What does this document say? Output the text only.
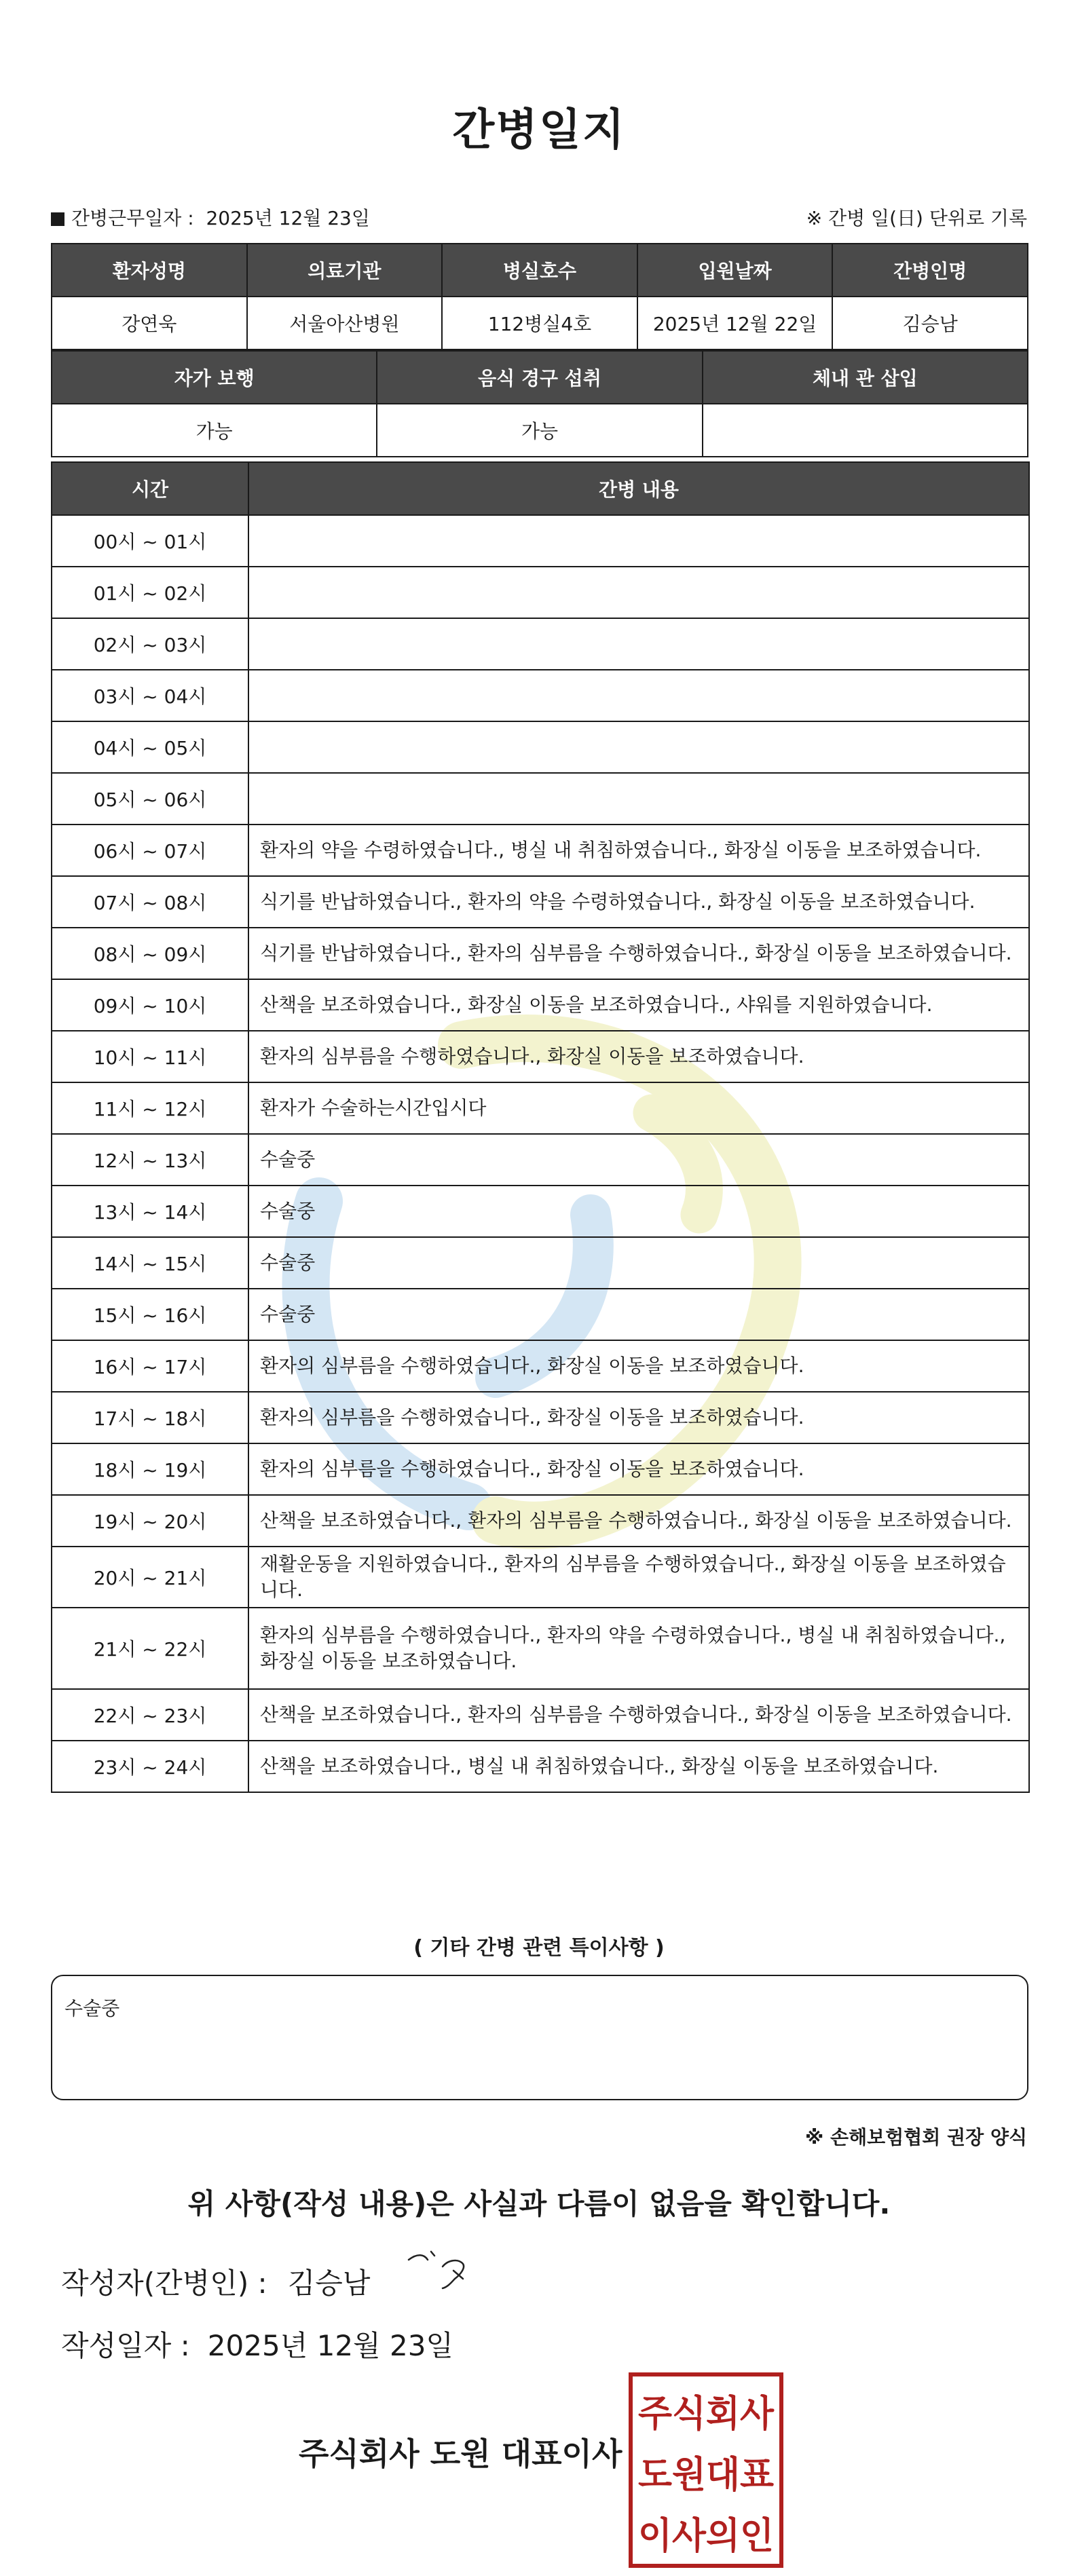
간병일지
간병근무일자 : 2025년 12월 23일	※ 간병 일(日) 단위로 기록
환자성명	의료기관	병실호수	입원날짜	간병인명
강연욱	서울아산병원	112병실4호	2025년 12월 22일	김승남
자가 보행	음식 경구 섭취	체내 관 삽입
가능	가능	
시간	간병 내용
00시 ~ 01시	
01시 ~ 02시	
02시 ~ 03시	
03시 ~ 04시	
04시 ~ 05시	
05시 ~ 06시	
06시 ~ 07시	환자의 약을 수령하였습니다., 병실 내 취침하였습니다., 화장실 이동을 보조하였습니다.
07시 ~ 08시	식기를 반납하였습니다., 환자의 약을 수령하였습니다., 화장실 이동을 보조하였습니다.
08시 ~ 09시	식기를 반납하였습니다., 환자의 심부름을 수행하였습니다., 화장실 이동을 보조하였습니다.
09시 ~ 10시	산책을 보조하였습니다., 화장실 이동을 보조하였습니다., 샤워를 지원하였습니다.
10시 ~ 11시	환자의 심부름을 수행하였습니다., 화장실 이동을 보조하였습니다.
11시 ~ 12시	환자가 수술하는시간입시다
12시 ~ 13시	수술중
13시 ~ 14시	수술중
14시 ~ 15시	수술중
15시 ~ 16시	수술중
16시 ~ 17시	환자의 심부름을 수행하였습니다., 화장실 이동을 보조하였습니다.
17시 ~ 18시	환자의 심부름을 수행하였습니다., 화장실 이동을 보조하였습니다.
18시 ~ 19시	환자의 심부름을 수행하였습니다., 화장실 이동을 보조하였습니다.
19시 ~ 20시	산책을 보조하였습니다., 환자의 심부름을 수행하였습니다., 화장실 이동을 보조하였습니다.
20시 ~ 21시	재활운동을 지원하였습니다., 환자의 심부름을 수행하였습니다., 화장실 이동을 보조하였습니다.
21시 ~ 22시	환자의 심부름을 수행하였습니다., 환자의 약을 수령하였습니다., 병실 내 취침하였습니다., 화장실 이동을 보조하였습니다.
22시 ~ 23시	산책을 보조하였습니다., 환자의 심부름을 수행하였습니다., 화장실 이동을 보조하였습니다.
23시 ~ 24시	산책을 보조하였습니다., 병실 내 취침하였습니다., 화장실 이동을 보조하였습니다.
( 기타 간병 관련 특이사항 )
수술중
※ 손해보험협회 권장 양식
위 사항(작성 내용)은 사실과 다름이 없음을 확인합니다.
작성자(간병인) : 김승남
작성일자 : 2025년 12월 23일
주식회사 도원 대표이사
주식회사
도원대표
이사의인
